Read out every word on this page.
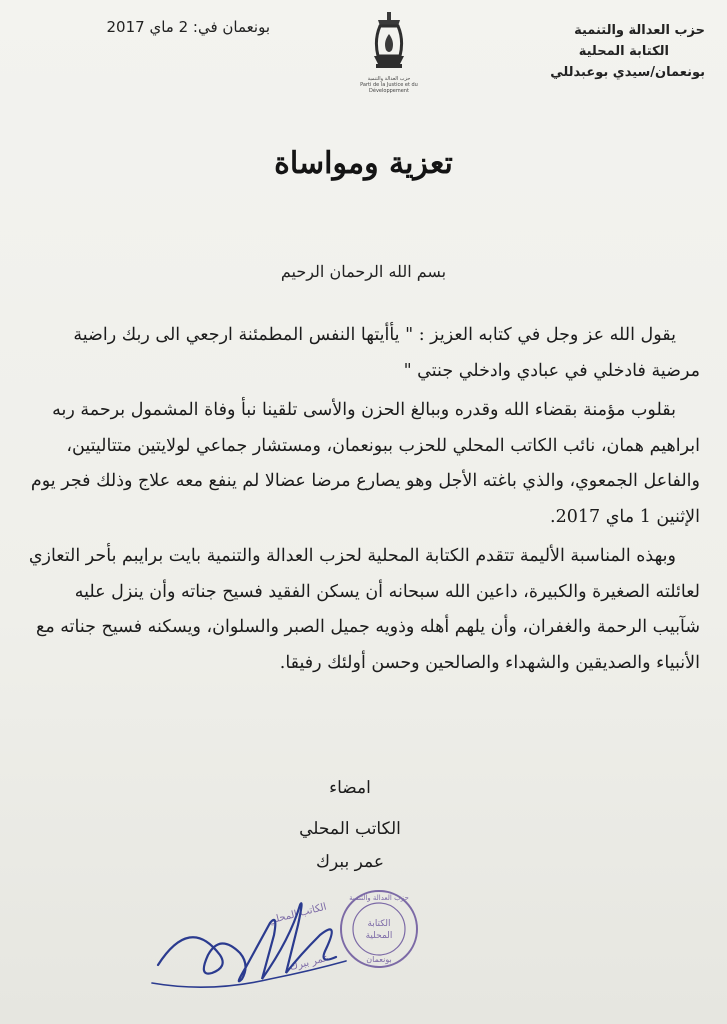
حزب العدالة والتنمية
الكتابة المحلية
بونعمان/سيدي بوعبدللي
حزب العدالة والتنمية
Parti de la Justice et du Développement
بونعمان في: 2 ماي 2017
تعزية ومواساة
بسم الله الرحمان الرحيم

يقول الله عز وجل في كتابه العزيز : " يأأيتها النفس المطمئنة ارجعي الى ربك راضية مرضية فادخلي في عبادي وادخلي جنتي "

بقلوب مؤمنة بقضاء الله وقدره وببالغ الحزن والأسى تلقينا نبأ وفاة المشمول برحمة ربه ابراهيم همان، نائب الكاتب المحلي للحزب ببونعمان، ومستشار جماعي لولايتين متتاليتين، والفاعل الجمعوي، والذي باغته الأجل وهو يصارع مرضا عضالا لم ينفع معه علاج وذلك فجر يوم الإثنين 1 ماي 2017.

وبهذه المناسبة الأليمة تتقدم الكتابة المحلية لحزب العدالة والتنمية بايت برايبم بأحر التعازي لعائلته الصغيرة والكبيرة، داعين الله سبحانه أن يسكن الفقيد فسيح جناته وأن ينزل عليه شآبيب الرحمة والغفران، وأن يلهم أهله وذويه جميل الصبر والسلوان، ويسكنه فسيح جناته مع الأنبياء والصديقين والشهداء والصالحين وحسن أولئك رفيقا.

امضاء
الكاتب المحلي
عمر ببرك
حزب العدالة والتنمية
الكتابة
المحلية
بونعمان
الكاتب المحلي
عمر ببرك
